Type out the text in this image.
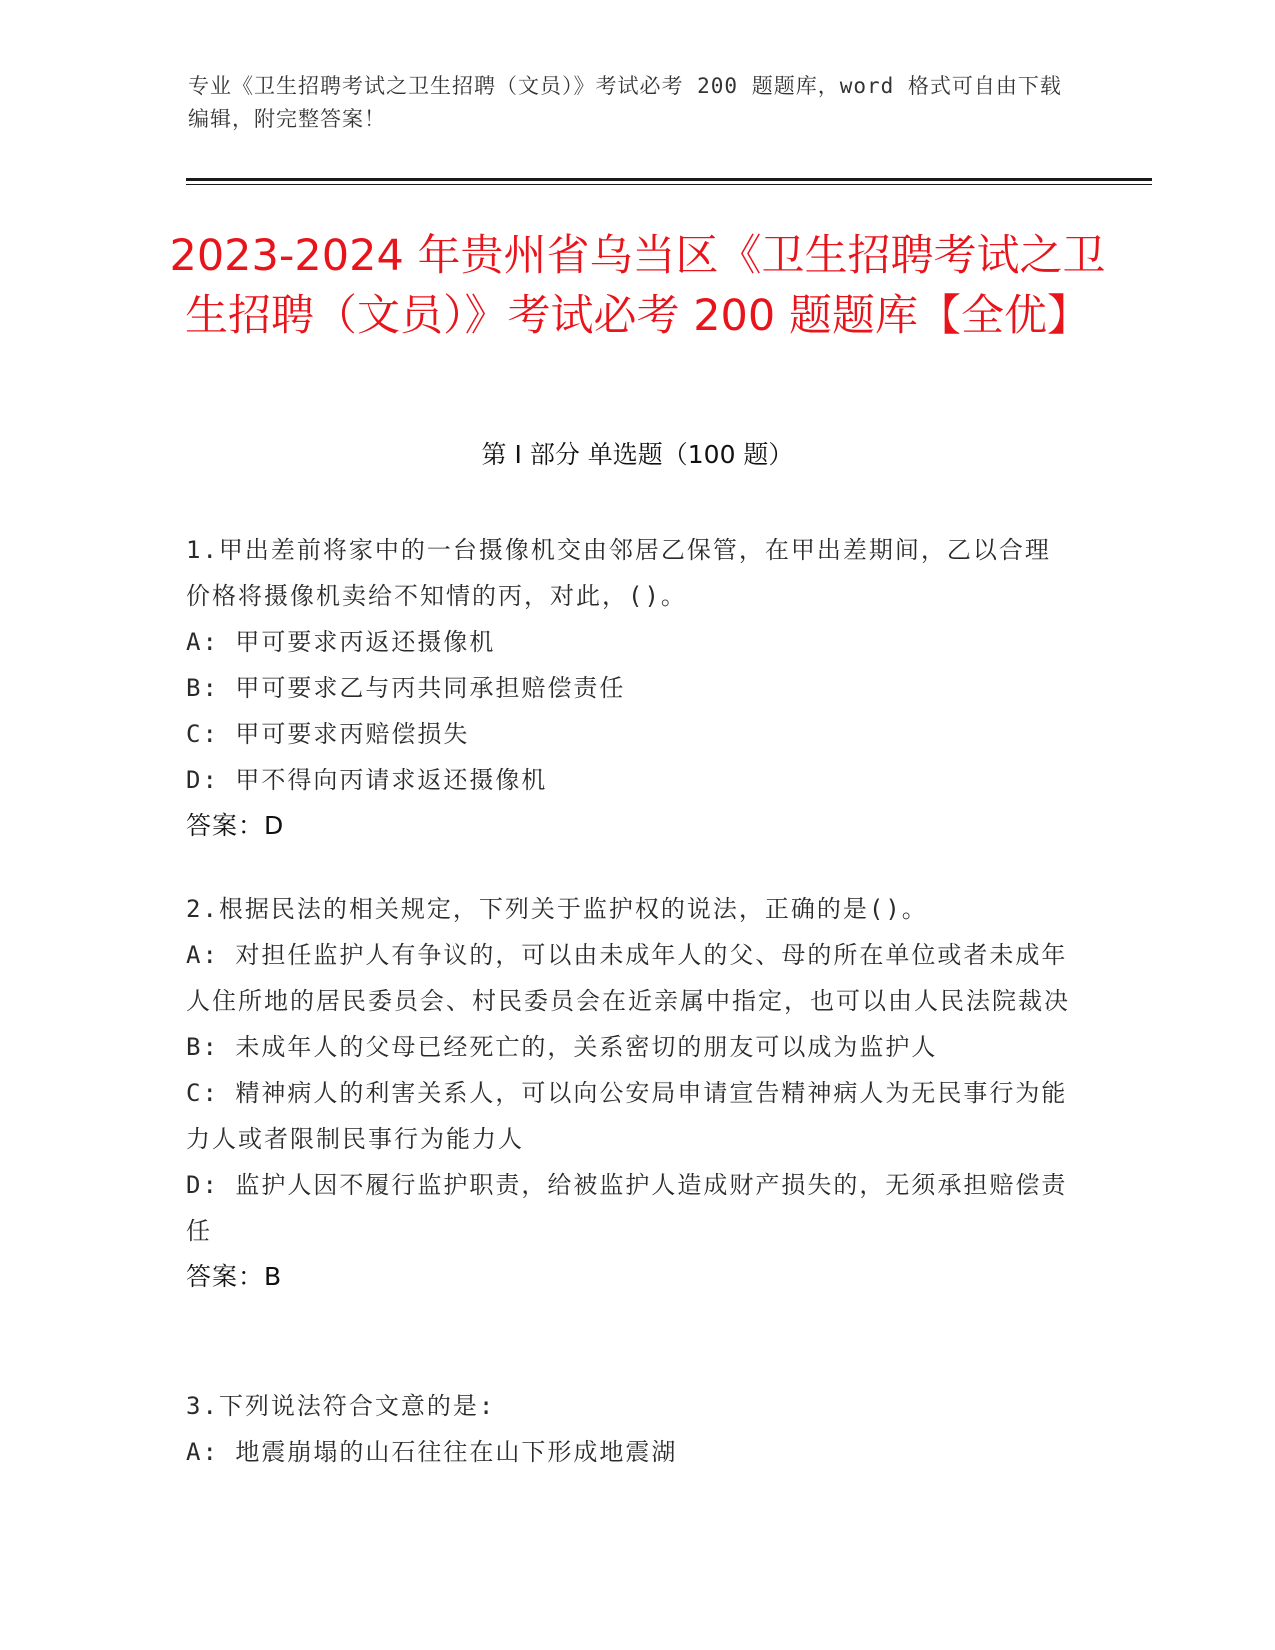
专业《卫生招聘考试之卫生招聘（文员）》考试必考 200 题题库，word 格式可自由下载编辑，附完整答案！
2023-2024 年贵州省乌当区《卫生招聘考试之卫生招聘（文员）》考试必考 200 题题库【全优】
第 I 部分 单选题（100 题）
1.甲出差前将家中的一台摄像机交由邻居乙保管，在甲出差期间，乙以合理价格将摄像机卖给不知情的丙，对此，()。
A: 甲可要求丙返还摄像机
B: 甲可要求乙与丙共同承担赔偿责任
C: 甲可要求丙赔偿损失
D: 甲不得向丙请求返还摄像机
答案：D
2.根据民法的相关规定，下列关于监护权的说法，正确的是()。
A: 对担任监护人有争议的，可以由未成年人的父、母的所在单位或者未成年人住所地的居民委员会、村民委员会在近亲属中指定，也可以由人民法院裁决
B: 未成年人的父母已经死亡的，关系密切的朋友可以成为监护人
C: 精神病人的利害关系人，可以向公安局申请宣告精神病人为无民事行为能力人或者限制民事行为能力人
D: 监护人因不履行监护职责，给被监护人造成财产损失的，无须承担赔偿责任
答案：B
3.下列说法符合文意的是:
A: 地震崩塌的山石往往在山下形成地震湖
